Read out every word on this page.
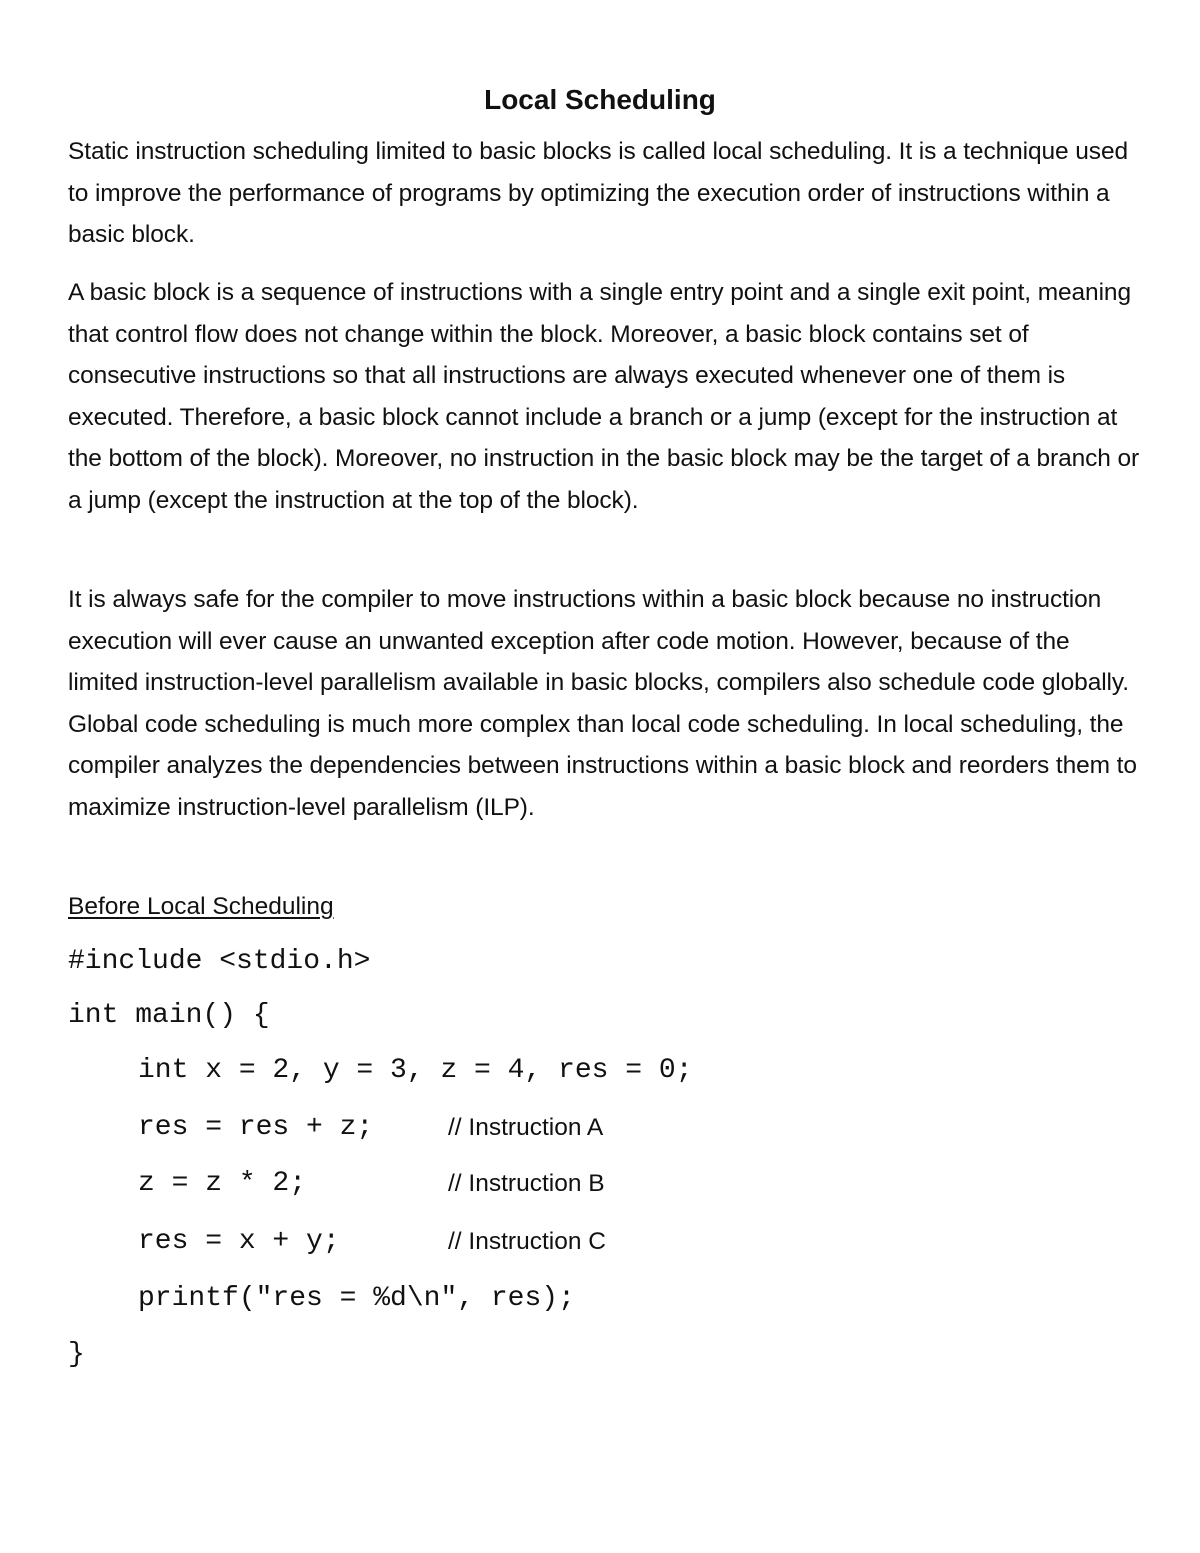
Local Scheduling

Static instruction scheduling limited to basic blocks is called local scheduling. It is a technique used to improve the performance of programs by optimizing the execution order of instructions within a basic block.

A basic block is a sequence of instructions with a single entry point and a single exit point, meaning that control flow does not change within the block. Moreover, a basic block contains set of consecutive instructions so that all instructions are always executed whenever one of them is executed. Therefore, a basic block cannot include a branch or a jump (except for the instruction at the bottom of the block). Moreover, no instruction in the basic block may be the target of a branch or a jump (except the instruction at the top of the block).

It is always safe for the compiler to move instructions within a basic block because no instruction execution will ever cause an unwanted exception after code motion. However, because of the limited instruction-level parallelism available in basic blocks, compilers also schedule code globally. Global code scheduling is much more complex than local code scheduling. In local scheduling, the compiler analyzes the dependencies between instructions within a basic block and reorders them to maximize instruction-level parallelism (ILP).

Before Local Scheduling

#include <stdio.h>
int main() {
int x = 2, y = 3, z = 4, res = 0;
res = res + z;	// Instruction A
z = z * 2;	// Instruction B
res = x + y;	// Instruction C
printf("res = %d\n", res);
}
